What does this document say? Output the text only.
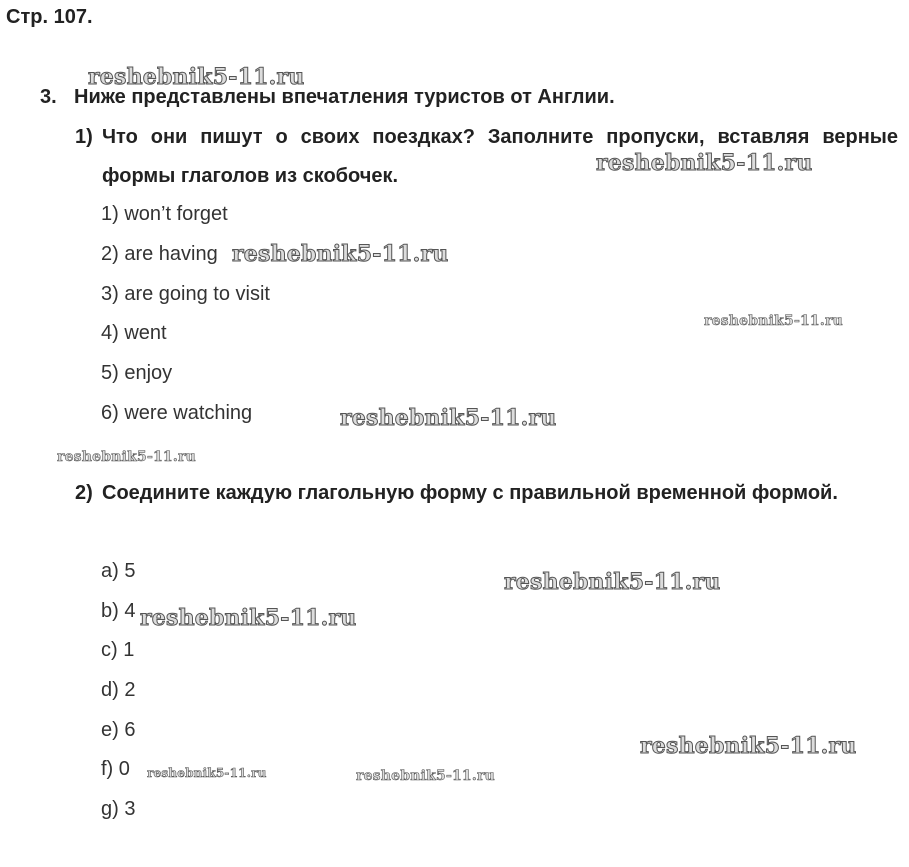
Стр. 107.
3. Ниже представлены впечатления туристов от Англии.
1) Что они пишут о своих поездках? Заполните пропуски, вставляя верные формы глаголов из скобочек.
1) won’t forget
2) are having
3) are going to visit
4) went
5) enjoy
6) were watching
2) Соедините каждую глагольную форму с правильной временной формой.
a) 5
b) 4
c) 1
d) 2
e) 6
f) 0
g) 3
reshebnik5-11.ru
reshebnik5-11.ru
reshebnik5-11.ru
reshebnik5-11.ru
reshebnik5-11.ru
reshebnik5-11.ru
reshebnik5-11.ru
reshebnik5-11.ru
reshebnik5-11.ru
reshebnik5-11.ru	reshebnik5-11.ru
